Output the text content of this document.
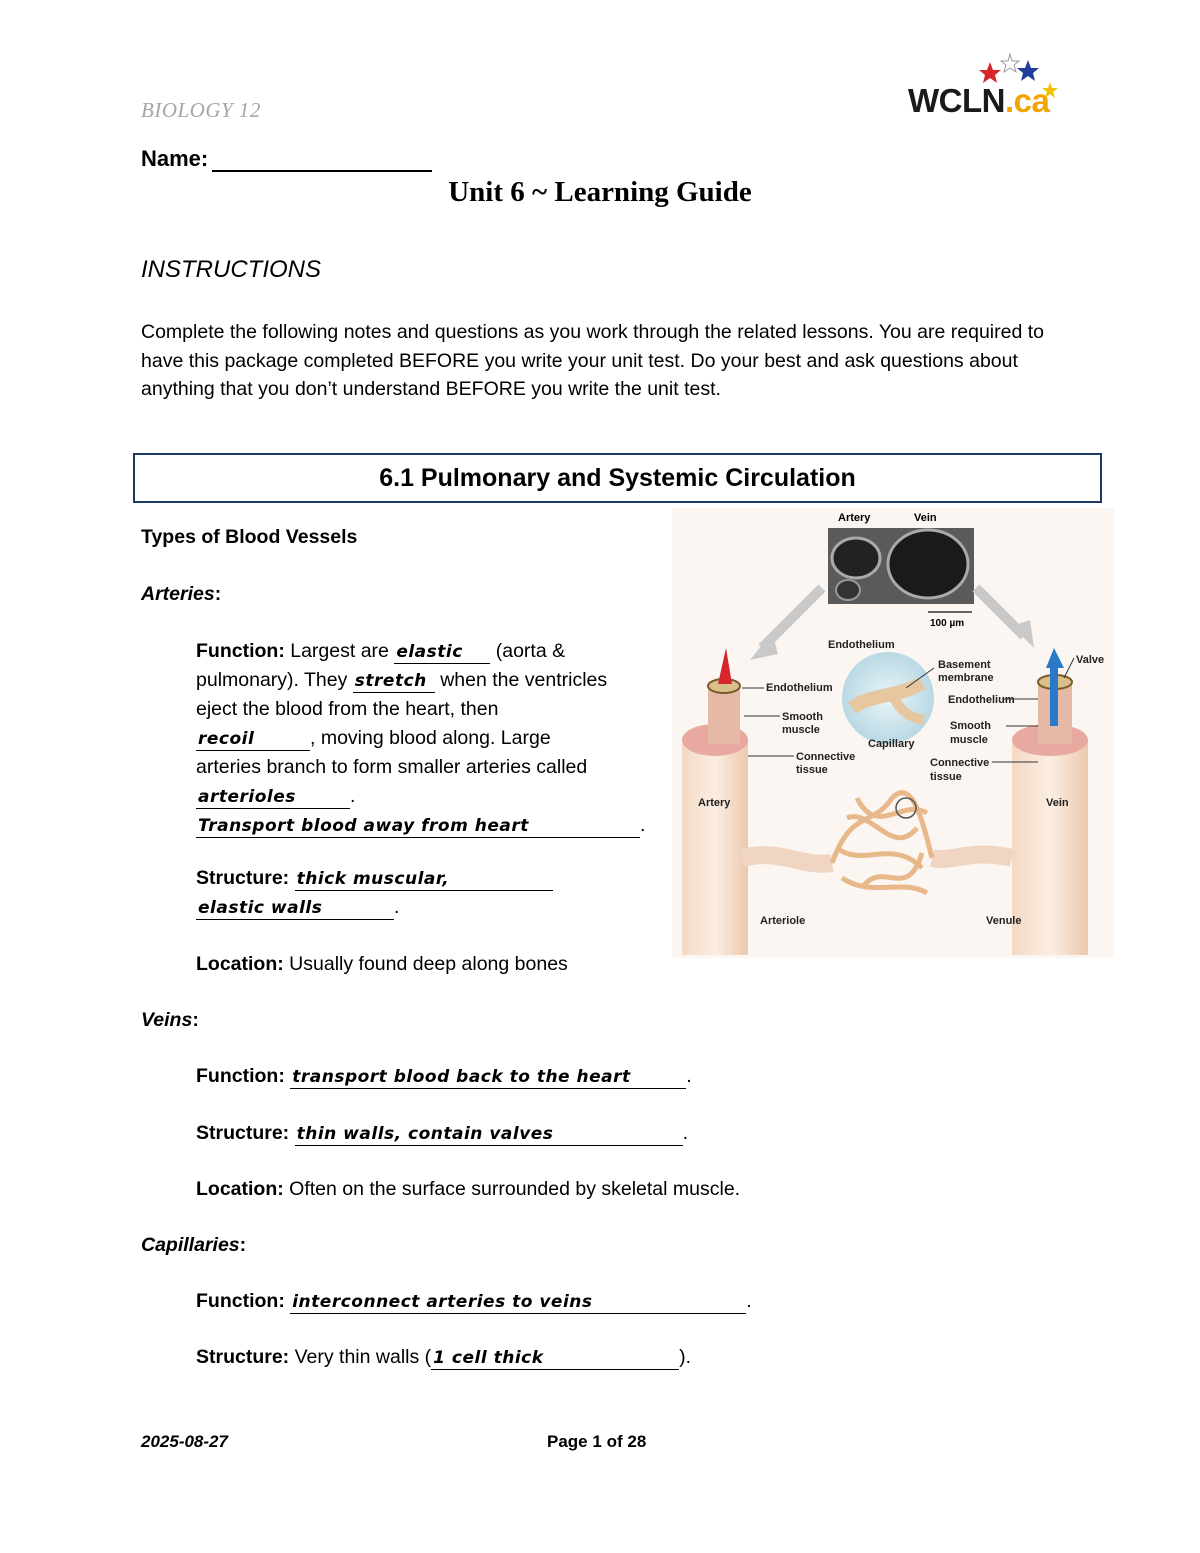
BIOLOGY 12	WCLN.ca
Name:
Unit 6 ~ Learning Guide
INSTRUCTIONS
Complete the following notes and questions as you work through the related lessons. You are required to have this package completed BEFORE you write your unit test. Do your best and ask questions about anything that you don’t understand BEFORE you write the unit test.
6.1 Pulmonary and Systemic Circulation
Types of Blood Vessels
Arteries:
Function: Largest are elastic (aorta &
pulmonary). They stretch when the ventricles
eject the blood from the heart, then
recoil	, moving blood along. Large
arteries branch to form smaller arteries called
arterioles	.
Transport blood away from heart	.
Structure: thick muscular,
elastic walls	.
Location: Usually found deep along bones
Veins:
Function: transport blood back to the heart	.
Structure: thin walls, contain valves	.
Location: Often on the surface surrounded by skeletal muscle.
Capillaries:
Function: interconnect arteries to veins	.
Structure: Very thin walls ( 1 cell thick	).
Artery	Vein
100 µm
Endothelium
Basement
membrane
Valve
Endothelium
Smooth
muscle
Connective
tissue
Capillary
Endothelium
Smooth
muscle
Connective
tissue
Artery	Vein
Arteriole	Venule
2025-08-27	Page 1 of 28
